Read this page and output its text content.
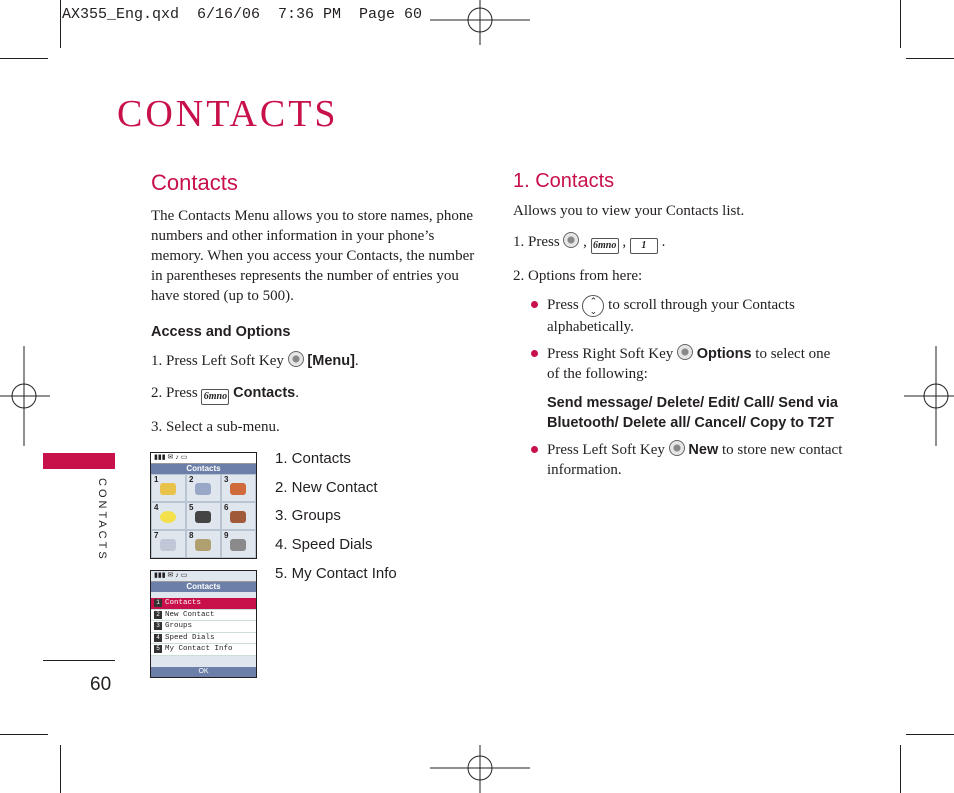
AX355_Eng.qxd  6/16/06  7:36 PM  Page 60
CONTACTS
CONTACTS
60
Contacts
The Contacts Menu allows you to store names, phone numbers and other information in your phone’s memory. When you access your Contacts, the number in parentheses represents the number of entries you have stored (up to 500).
Access and Options
1. Press Left Soft Key [Menu].
2. Press 6mno Contacts.
3. Select a sub-menu.
1. Contacts
2. New Contact
3. Groups
4. Speed Dials
5. My Contact Info
▮▮▮ ✉ ♪ ▭
Contacts
1	2	3
4	5	6
7	8	9
▮▮▮ ✉ ♪ ▭
Contacts
1 Contacts
2 New Contact
3 Groups
4 Speed Dials
5 My Contact Info
OK
1. Contacts
Allows you to view your Contacts list.
1. Press  , 6mno , 1 .
2. Options from here:
Press ⌃
⌄ to scroll through your Contacts alphabetically.
Press Right Soft Key Options to select one of the following:
Send message/ Delete/ Edit/ Call/ Send via
Bluetooth/ Delete all/ Cancel/ Copy to T2T
Press Left Soft Key New to store new contact information.
